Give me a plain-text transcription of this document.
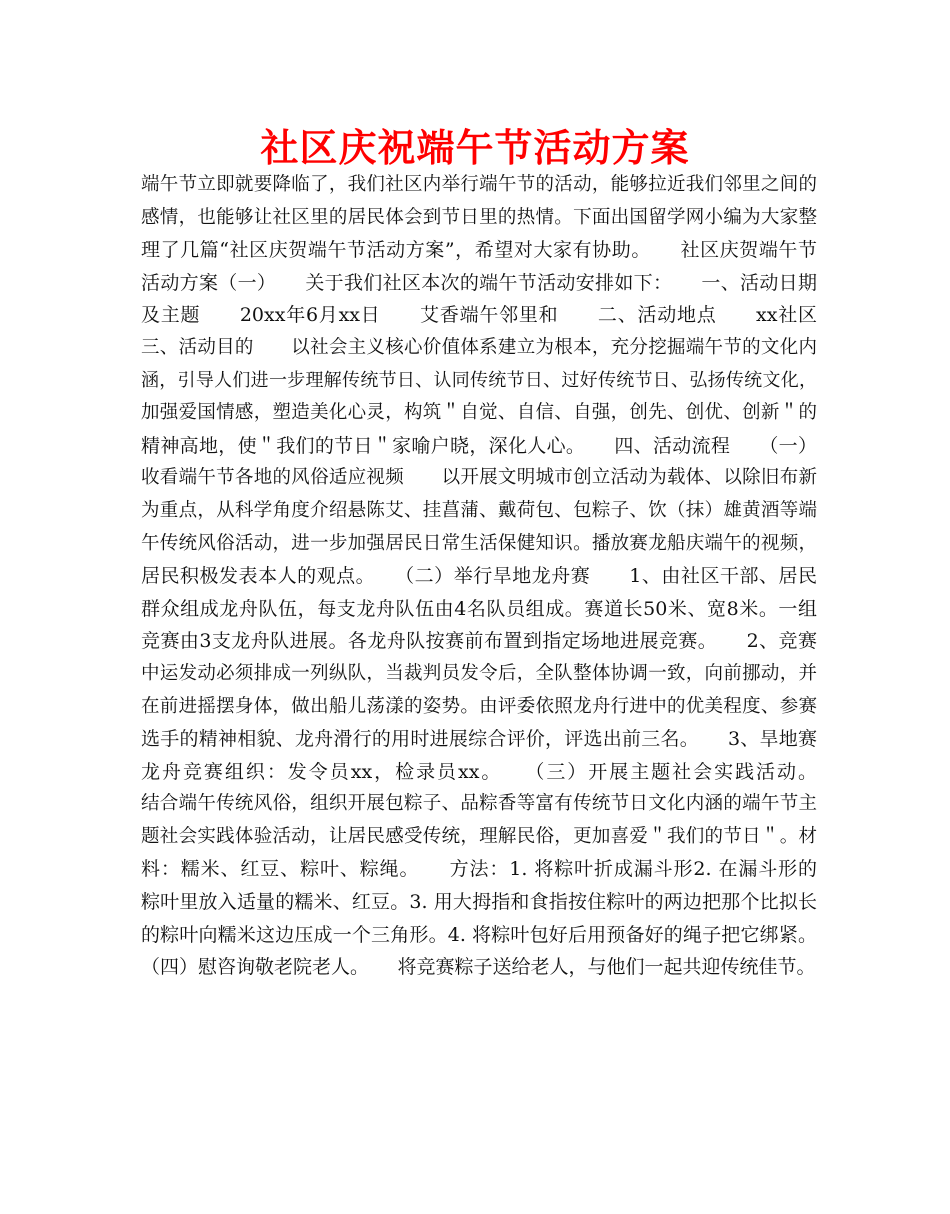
社区庆祝端午节活动方案
端午节立即就要降临了，我们社区内举行端午节的活动，能够拉近我们邻里之间的
感情，也能够让社区里的居民体会到节日里的热情。下面出国留学网小编为大家整
理了几篇“社区庆贺端午节活动方案”，希望对大家有协助。　　社区庆贺端午节
活动方案（一）　　关于我们社区本次的端午节活动安排如下：　　一、活动日期
及主题　　20xx年6月xx日　　艾香端午邻里和　　二、活动地点　　xx社区
三、活动目的　　以社会主义核心价值体系建立为根本，充分挖掘端午节的文化内
涵，引导人们进一步理解传统节日、认同传统节日、过好传统节日、弘扬传统文化，
加强爱国情感，塑造美化心灵，构筑＂自觉、自信、自强，创先、创优、创新＂的
精神高地，使＂我们的节日＂家喻户晓，深化人心。　　四、活动流程　　（一）
收看端午节各地的风俗适应视频　　以开展文明城市创立活动为载体、以除旧布新
为重点，从科学角度介绍悬陈艾、挂菖蒲、戴荷包、包粽子、饮（抹）雄黄酒等端
午传统风俗活动，进一步加强居民日常生活保健知识。播放赛龙船庆端午的视频，
居民积极发表本人的观点。　　（二）举行旱地龙舟赛　　1、由社区干部、居民
群众组成龙舟队伍，每支龙舟队伍由4名队员组成。赛道长50米、宽8米。一组
竞赛由3支龙舟队进展。各龙舟队按赛前布置到指定场地进展竞赛。　　2、竞赛
中运发动必须排成一列纵队，当裁判员发令后，全队整体协调一致，向前挪动，并
在前进摇摆身体，做出船儿荡漾的姿势。由评委依照龙舟行进中的优美程度、参赛
选手的精神相貌、龙舟滑行的用时进展综合评价，评选出前三名。　　3、旱地赛
龙舟竞赛组织：发令员xx，检录员xx。　　（三）开展主题社会实践活动。
结合端午传统风俗，组织开展包粽子、品粽香等富有传统节日文化内涵的端午节主
题社会实践体验活动，让居民感受传统，理解民俗，更加喜爱＂我们的节日＂。材
料：糯米、红豆、粽叶、粽绳。　　方法：1. 将粽叶折成漏斗形2. 在漏斗形的
粽叶里放入适量的糯米、红豆。3. 用大拇指和食指按住粽叶的两边把那个比拟长
的粽叶向糯米这边压成一个三角形。4. 将粽叶包好后用预备好的绳子把它绑紧。
（四）慰咨询敬老院老人。　　将竞赛粽子送给老人，与他们一起共迎传统佳节。
